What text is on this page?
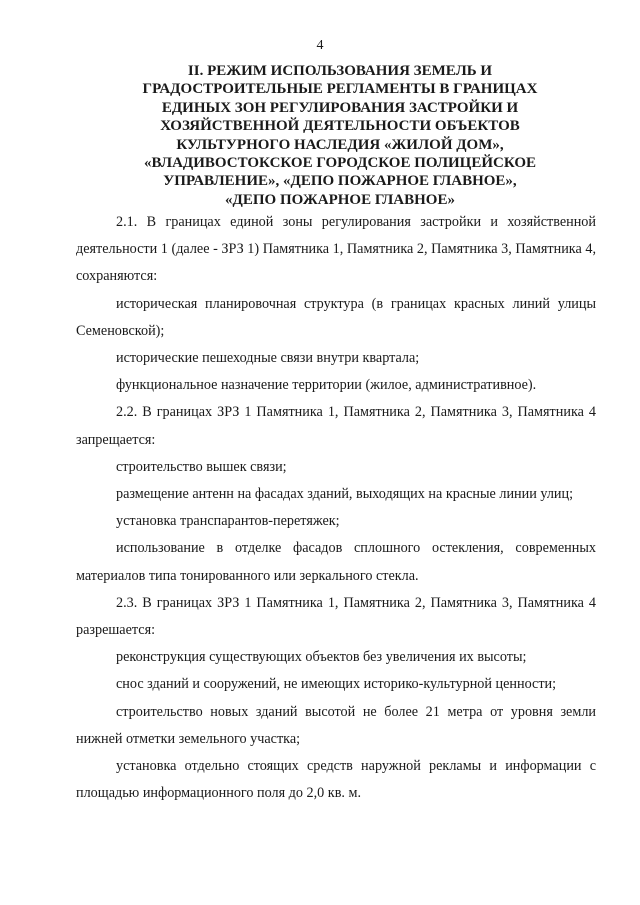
4
II. РЕЖИМ ИСПОЛЬЗОВАНИЯ ЗЕМЕЛЬ И
ГРАДОСТРОИТЕЛЬНЫЕ РЕГЛАМЕНТЫ В ГРАНИЦАХ
ЕДИНЫХ ЗОН РЕГУЛИРОВАНИЯ ЗАСТРОЙКИ И
ХОЗЯЙСТВЕННОЙ ДЕЯТЕЛЬНОСТИ ОБЪЕКТОВ
КУЛЬТУРНОГО НАСЛЕДИЯ «ЖИЛОЙ ДОМ»,
«ВЛАДИВОСТОКСКОЕ ГОРОДСКОЕ ПОЛИЦЕЙСКОЕ
УПРАВЛЕНИЕ», «ДЕПО ПОЖАРНОЕ ГЛАВНОЕ»,
«ДЕПО ПОЖАРНОЕ ГЛАВНОЕ»

2.1. В границах единой зоны регулирования застройки и хозяйственной деятельности 1 (далее - ЗРЗ 1) Памятника 1, Памятника 2, Памятника 3, Памятника 4, сохраняются:

историческая планировочная структура (в границах красных линий улицы Семеновской);

исторические пешеходные связи внутри квартала;

функциональное назначение территории (жилое, административное).

2.2. В границах ЗРЗ 1 Памятника 1, Памятника 2, Памятника 3, Памятника 4 запрещается:

строительство вышек связи;

размещение антенн на фасадах зданий, выходящих на красные линии улиц;

установка транспарантов-перетяжек;

использование в отделке фасадов сплошного остекления, современных материалов типа тонированного или зеркального стекла.

2.3. В границах ЗРЗ 1 Памятника 1, Памятника 2, Памятника 3, Памятника 4 разрешается:

реконструкция существующих объектов без увеличения их высоты;

снос зданий и сооружений, не имеющих историко-культурной ценности;

строительство новых зданий высотой не более 21 метра от уровня земли нижней отметки земельного участка;

установка отдельно стоящих средств наружной рекламы и информации с площадью информационного поля до 2,0 кв. м.
